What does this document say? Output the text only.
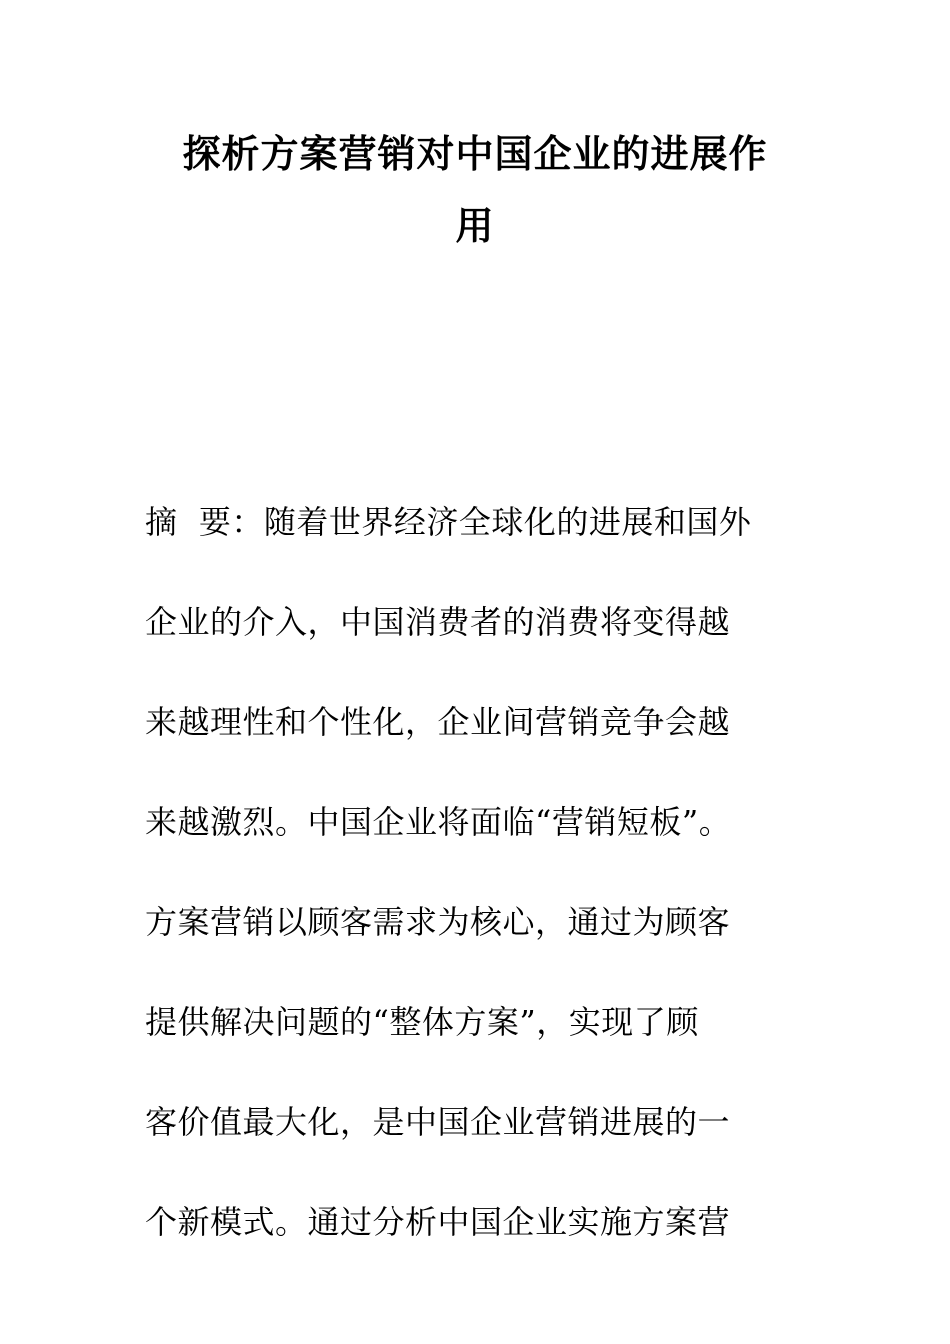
探析方案营销对中国企业的进展作
用

摘  要：随着世界经济全球化的进展和国外
企业的介入，中国消费者的消费将变得越
来越理性和个性化，企业间营销竞争会越
来越激烈。中国企业将面临“营销短板”。
方案营销以顾客需求为核心，通过为顾客
提供解决问题的“整体方案”，实现了顾
客价值最大化，是中国企业营销进展的一
个新模式。通过分析中国企业实施方案营
